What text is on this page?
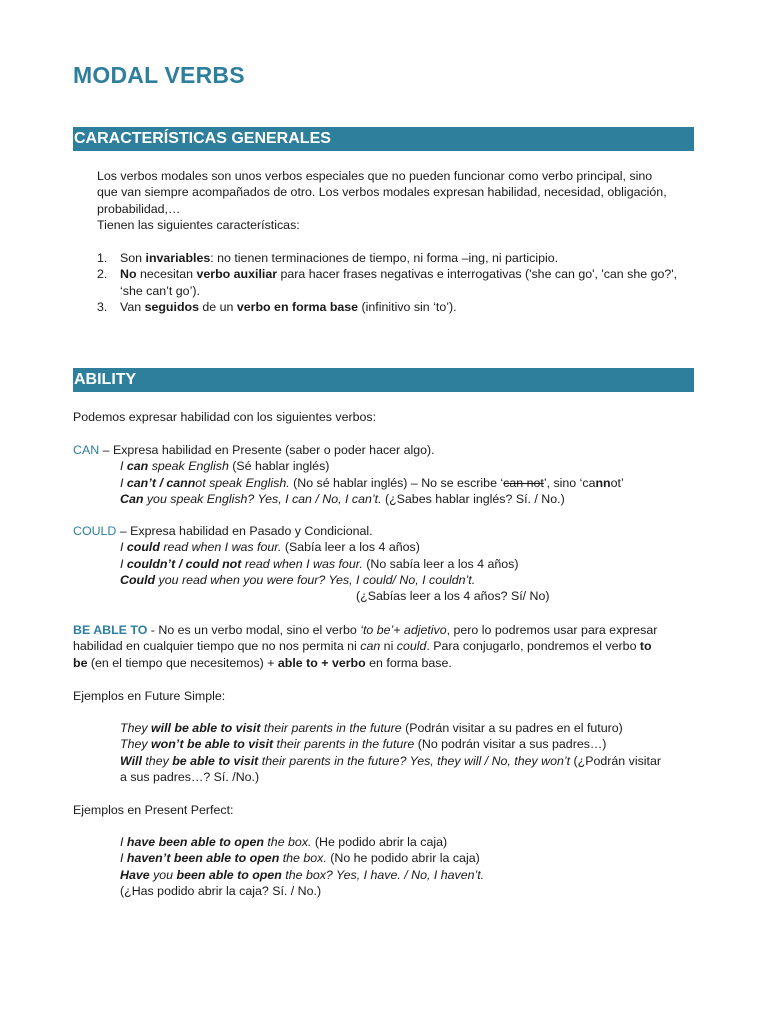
MODAL VERBS
CARACTERÍSTICAS GENERALES

Los verbos modales son unos verbos especiales que no pueden funcionar como verbo principal, sino

que van siempre acompañados de otro. Los verbos modales expresan habilidad, necesidad, obligación,

probabilidad,…

Tienen las siguientes características:

1. Son invariables: no tienen terminaciones de tiempo, ni forma –ing, ni participio.
2. No necesitan verbo auxiliar para hacer frases negativas e interrogativas ('she can go', 'can she go?',
‘she can’t go’).
3. Van seguidos de un verbo en forma base (infinitivo sin ‘to’).
ABILITY

Podemos expresar habilidad con los siguientes verbos:

CAN – Expresa habilidad en Presente (saber o poder hacer algo).

I can speak English (Sé hablar inglés)

I can’t / cannot speak English. (No sé hablar inglés) – No se escribe ‘can not’, sino ‘cannot’

Can you speak English? Yes, I can / No, I can’t. (¿Sabes hablar inglés? Sí. / No.)

COULD – Expresa habilidad en Pasado y Condicional.

I could read when I was four. (Sabía leer a los 4 años)

I couldn’t / could not read when I was four. (No sabía leer a los 4 años)

Could you read when you were four? Yes, I could/ No, I couldn’t.

(¿Sabías leer a los 4 años? Sí/ No)

BE ABLE TO - No es un verbo modal, sino el verbo ‘to be’+ adjetivo, pero lo podremos usar para expresar

habilidad en cualquier tiempo que no nos permita ni can ni could. Para conjugarlo, pondremos el verbo to

be (en el tiempo que necesitemos) + able to + verbo en forma base.

Ejemplos en Future Simple:

They will be able to visit their parents in the future (Podrán visitar a su padres en el futuro)

They won’t be able to visit their parents in the future (No podrán visitar a sus padres…)

Will they be able to visit their parents in the future? Yes, they will / No, they won’t (¿Podrán visitar

a sus padres…? Sí. /No.)

Ejemplos en Present Perfect:

I have been able to open the box. (He podido abrir la caja)

I haven’t been able to open the box. (No he podido abrir la caja)

Have you been able to open the box? Yes, I have. / No, I haven’t.

(¿Has podido abrir la caja? Sí. / No.)
